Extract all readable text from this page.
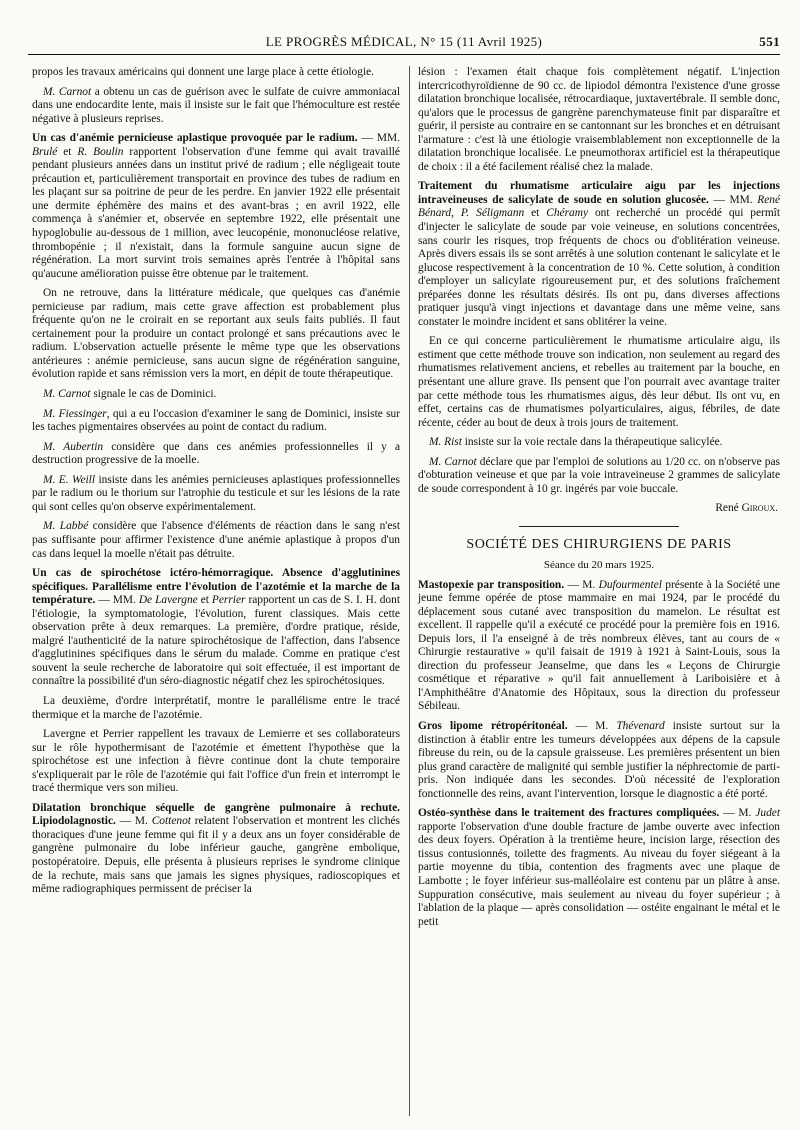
LE PROGRÈS MÉDICAL, N° 15 (11 Avril 1925)	551

propos les travaux américains qui donnent une large place à cette étiologie.

M. Carnot a obtenu un cas de guérison avec le sulfate de cuivre ammoniacal dans une endocardite lente, mais il insiste sur le fait que l'hémoculture est restée négative à plusieurs reprises.

Un cas d'anémie pernicieuse aplastique provoquée par le radium. — MM. Brulé et R. Boulin rapportent l'observation d'une femme qui avait travaillé pendant plusieurs années dans un institut privé de radium ; elle négligeait toute précaution et, particulièrement transportait en province des tubes de radium en les plaçant sur sa poitrine de peur de les perdre. En janvier 1922 elle présentait une dermite éphémère des mains et des avant-bras ; en avril 1922, elle commença à s'anémier et, observée en septembre 1922, elle présentait une hypoglobulie au-dessous de 1 million, avec leucopénie, mononucléose relative, thrombopénie ; il n'existait, dans la formule sanguine aucun signe de régénération. La mort survint trois semaines après l'entrée à l'hôpital sans qu'aucune amélioration puisse être obtenue par le traitement.

On ne retrouve, dans la littérature médicale, que quelques cas d'anémie pernicieuse par radium, mais cette grave affection est probablement plus fréquente qu'on ne le croirait en se reportant aux seuls faits publiés. Il faut certainement pour la produire un contact prolongé et sans précautions avec le radium. L'observation actuelle présente le même type que les observations antérieures : anémie pernicieuse, sans aucun signe de régénération sanguine, évolution rapide et sans rémission vers la mort, en dépit de toute thérapeutique.

M. Carnot signale le cas de Dominici.

M. Fiessinger, qui a eu l'occasion d'examiner le sang de Dominici, insiste sur les taches pigmentaires observées au point de contact du radium.

M. Aubertin considère que dans ces anémies professionnelles il y a destruction progressive de la moelle.

M. E. Weill insiste dans les anémies pernicieuses aplastiques professionnelles par le radium ou le thorium sur l'atrophie du testicule et sur les lésions de la rate qui sont celles qu'on observe expérimentalement.

M. Labbé considère que l'absence d'éléments de réaction dans le sang n'est pas suffisante pour affirmer l'existence d'une anémie aplastique à propos d'un cas dans lequel la moelle n'était pas détruite.

Un cas de spirochétose ictéro-hémorragique. Absence d'agglutinines spécifiques. Parallélisme entre l'évolution de l'azotémie et la marche de la température. — MM. De Lavergne et Perrier rapportent un cas de S. I. H. dont l'étiologie, la symptomatologie, l'évolution, furent classiques. Mais cette observation prête à deux remarques. La première, d'ordre pratique, réside, malgré l'authenticité de la nature spirochétosique de l'affection, dans l'absence d'agglutinines spécifiques dans le sérum du malade. Comme en pratique c'est souvent la seule recherche de laboratoire qui soit effectuée, il est important de connaître la possibilité d'un séro-diagnostic négatif chez les spirochétosiques.

La deuxième, d'ordre interprétatif, montre le parallélisme entre le tracé thermique et la marche de l'azotémie.

Lavergne et Perrier rappellent les travaux de Lemierre et ses collaborateurs sur le rôle hypothermisant de l'azotémie et émettent l'hypothèse que la spirochétose est une infection à fièvre continue dont la chute temporaire s'expliquerait par le rôle de l'azotémie qui fait l'office d'un frein et interrompt le tracé thermique vers son milieu.

Dilatation bronchique séquelle de gangrène pulmonaire à rechute. Lipiodolagnostic. — M. Cottenot relatent l'observation et montrent les clichés thoraciques d'une jeune femme qui fit il y a deux ans un foyer considérable de gangrène pulmonaire du lobe inférieur gauche, gangrène embolique, postopératoire. Depuis, elle présenta à plusieurs reprises le syndrome clinique de la rechute, mais sans que jamais les signes physiques, radioscopiques et même radiographiques permissent de préciser la

lésion : l'examen était chaque fois complètement négatif. L'injection intercricothyroïdienne de 90 cc. de lipiodol démontra l'existence d'une grosse dilatation bronchique localisée, rétrocardiaque, juxtavertébrale. Il semble donc, qu'alors que le processus de gangrène parenchymateuse finit par disparaître et guérir, il persiste au contraire en se cantonnant sur les bronches et en détruisant l'armature : c'est là une étiologie vraisemblablement non exceptionnelle de la dilatation bronchique localisée. Le pneumothorax artificiel est la thérapeutique de choix : il a été facilement réalisé chez la malade.

Traitement du rhumatisme articulaire aigu par les injections intraveineuses de salicylate de soude en solution glucosée. — MM. René Bénard, P. Séligmann et Chéramy ont recherché un procédé qui permît d'injecter le salicylate de soude par voie veineuse, en solutions concentrées, sans courir les risques, trop fréquents de chocs ou d'oblitération veineuse. Après divers essais ils se sont arrêtés à une solution contenant le salicylate et le glucose respectivement à la concentration de 10 %. Cette solution, à condition d'employer un salicylate rigoureusement pur, et des solutions fraîchement préparées donne les résultats désirés. Ils ont pu, dans diverses affections pratiquer jusqu'à vingt injections et davantage dans une même veine, sans constater le moindre incident et sans oblitérer la veine.

En ce qui concerne particulièrement le rhumatisme articulaire aigu, ils estiment que cette méthode trouve son indication, non seulement au regard des rhumatismes relativement anciens, et rebelles au traitement par la bouche, en présentant une allure grave. Ils pensent que l'on pourrait avec avantage traiter par cette méthode tous les rhumatismes aigus, dès leur début. Ils ont vu, en effet, certains cas de rhumatismes polyarticulaires, aigus, fébriles, de date récente, céder au bout de deux à trois jours de traitement.

M. Rist insiste sur la voie rectale dans la thérapeutique salicylée.

M. Carnot déclare que par l'emploi de solutions au 1/20 cc. on n'observe pas d'obturation veineuse et que par la voie intraveineuse 2 grammes de salicylate de soude correspondent à 10 gr. ingérés par voie buccale.

René Giroux.

SOCIÉTÉ DES CHIRURGIENS DE PARIS

Séance du 20 mars 1925.

Mastopexie par transposition. — M. Dufourmentel présente à la Société une jeune femme opérée de ptose mammaire en mai 1924, par le procédé du déplacement sous cutané avec transposition du mamelon. Le résultat est excellent. Il rappelle qu'il a exécuté ce procédé pour la première fois en 1916. Depuis lors, il l'a enseigné à de très nombreux élèves, tant au cours de « Chirurgie restaurative » qu'il faisait de 1919 à 1921 à Saint-Louis, sous la direction du professeur Jeanselme, que dans les « Leçons de Chirurgie cosmétique et réparative » qu'il fait annuellement à Lariboisière et à l'Amphithéâtre d'Anatomie des Hôpitaux, sous la direction du professeur Sébileau.

Gros lipome rétropéritonéal. — M. Thévenard insiste surtout sur la distinction à établir entre les tumeurs développées aux dépens de la capsule fibreuse du rein, ou de la capsule graisseuse. Les premières présentent un bien plus grand caractère de malignité qui semble justifier la néphrectomie de parti-pris. Non indiquée dans les secondes. D'où nécessité de l'exploration fonctionnelle des reins, avant l'intervention, lorsque le diagnostic a été porté.

Ostéo-synthèse dans le traitement des fractures compliquées. — M. Judet rapporte l'observation d'une double fracture de jambe ouverte avec infection des deux foyers. Opération à la trentième heure, incision large, résection des tissus contusionnés, toilette des fragments. Au niveau du foyer siégeant à la partie moyenne du tibia, contention des fragments avec une plaque de Lambotte ; le foyer inférieur sus-malléolaire est contenu par un plâtre à anse. Suppuration consécutive, mais seulement au niveau du foyer supérieur ; à l'ablation de la plaque — après consolidation — ostéite engainant le métal et le petit
